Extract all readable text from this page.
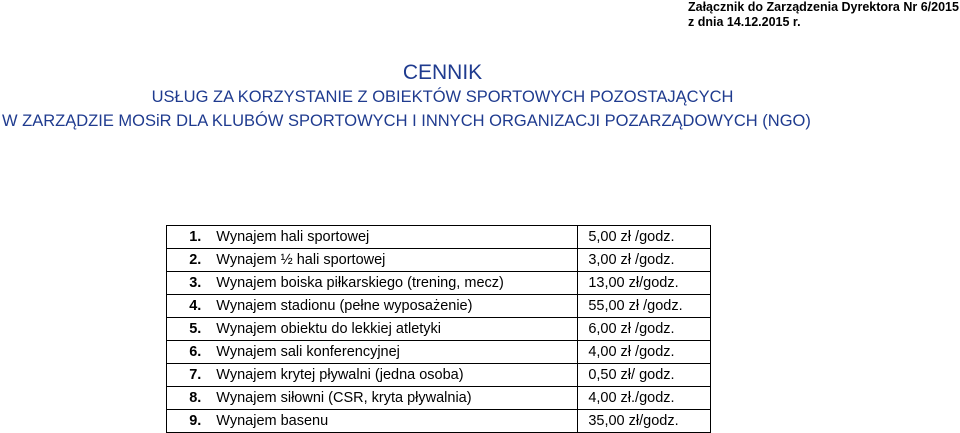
Załącznik do Zarządzenia Dyrektora Nr 6/2015
z dnia 14.12.2015 r.
CENNIK
USŁUG ZA KORZYSTANIE Z OBIEKTÓW SPORTOWYCH POZOSTAJĄCYCH
W ZARZĄDZIE MOSiR DLA KLUBÓW SPORTOWYCH I INNYCH ORGANIZACJI POZARZĄDOWYCH (NGO)
1.	Wynajem hali sportowej	5,00 zł /godz.
2.	Wynajem ½ hali sportowej	3,00 zł /godz.
3.	Wynajem boiska piłkarskiego (trening, mecz)	13,00 zł/godz.
4.	Wynajem stadionu (pełne wyposażenie)	55,00 zł /godz.
5.	Wynajem obiektu do lekkiej atletyki	6,00 zł /godz.
6.	Wynajem sali konferencyjnej	4,00 zł /godz.
7.	Wynajem krytej pływalni (jedna osoba)	0,50 zł/ godz.
8.	Wynajem siłowni (CSR, kryta pływalnia)	4,00 zł./godz.
9.	Wynajem basenu	35,00 zł/godz.
